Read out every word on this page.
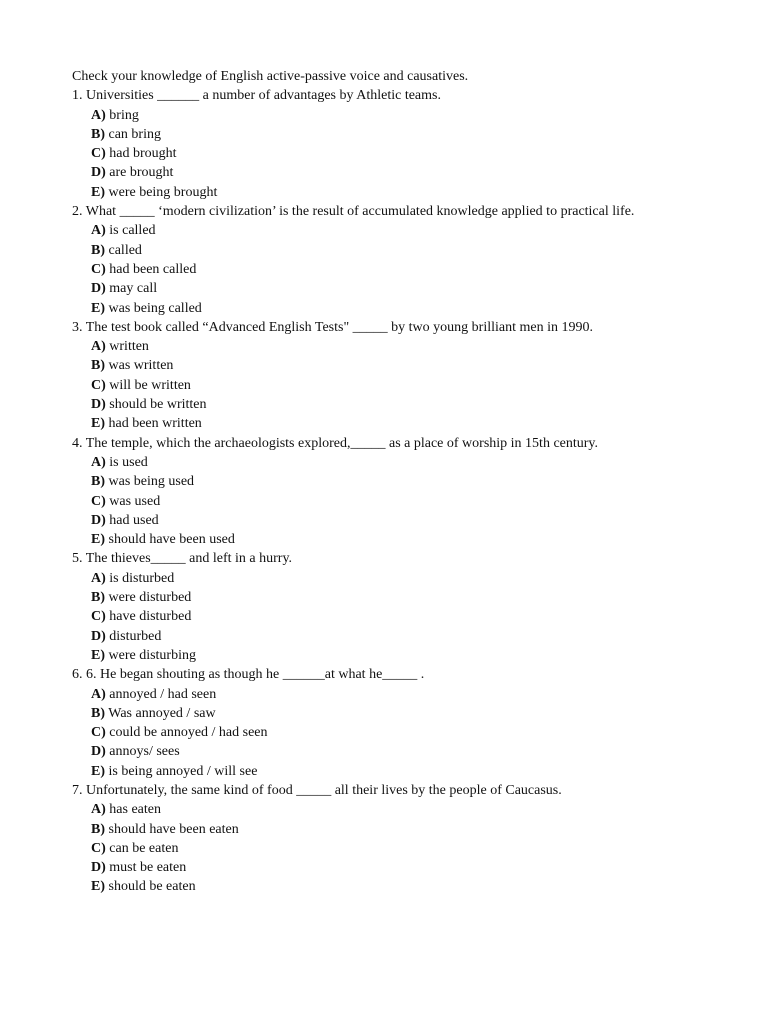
Check your knowledge of English active-passive voice and causatives.
1. Universities ______ a number of advantages by Athletic teams.
A) bring
B) can bring
C) had brought
D) are brought
E) were being brought
2. What _____ ‘modern civilization’ is the result of accumulated knowledge applied to practical life.
A) is called
B) called
C) had been called
D) may call
E) was being called
3. The test book called “Advanced English Tests" _____ by two young brilliant men in 1990.
A) written
B) was written
C) will be written
D) should be written
E) had been written
4. The temple, which the archaeologists explored,_____ as a place of worship in 15th century.
A) is used
B) was being used
C) was used
D) had used
E) should have been used
5. The thieves_____ and left in a hurry.
A) is disturbed
B) were disturbed
C) have disturbed
D) disturbed
E) were disturbing
6. 6. He began shouting as though he ______at what he_____ .
A) annoyed / had seen
B) Was annoyed / saw
C) could be annoyed / had seen
D) annoys/ sees
E) is being annoyed / will see
7. Unfortunately, the same kind of food _____ all their lives by the people of Caucasus.
A) has eaten
B) should have been eaten
C) can be eaten
D) must be eaten
E) should be eaten
